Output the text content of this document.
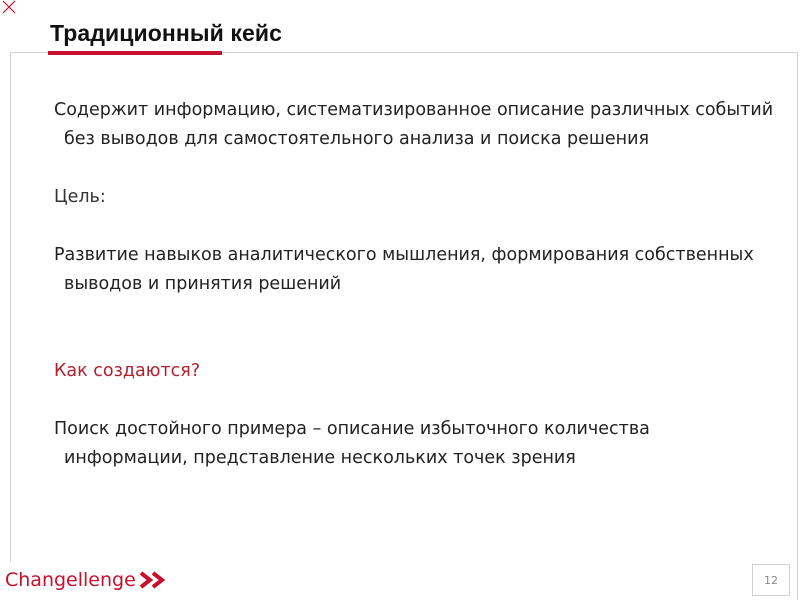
Традиционный кейс

Содержит информацию, систематизированное описание различных событий без выводов для самостоятельного анализа и поиска решения

Цель:

Развитие навыков аналитического мышления, формирования собственных выводов и принятия решений

Как создаются?

Поиск достойного примера – описание избыточного количества информации, представление нескольких точек зрения

Changellenge	12
